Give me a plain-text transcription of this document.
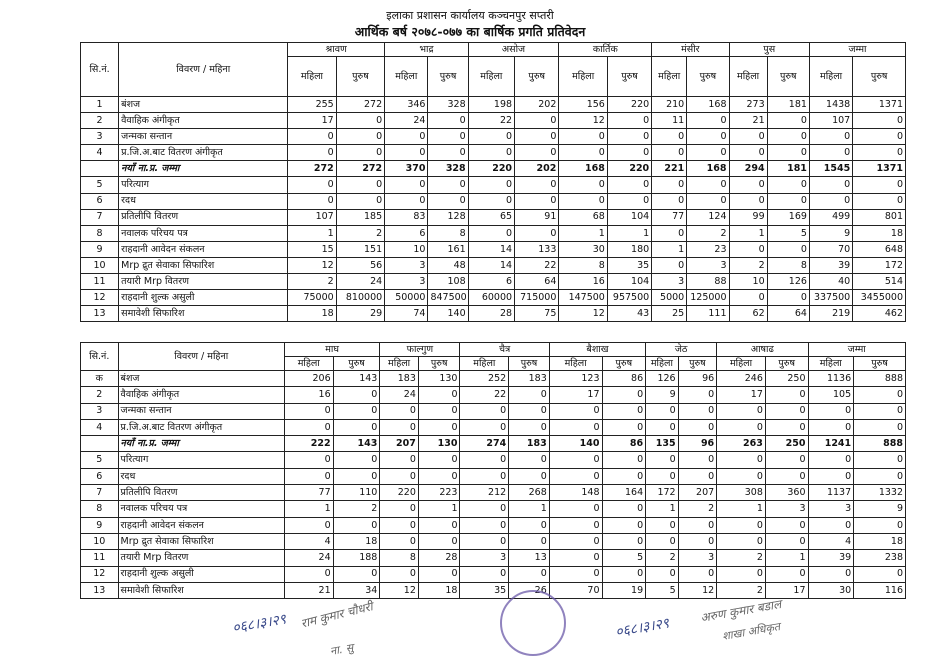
इलाका प्रशासन कार्यालय कञ्चनपुर सप्तरी
आर्थिक बर्ष २०७८-०७७ का बार्षिक प्रगति प्रतिवेदन
सि.नं.	विवरण / महिना	श्रावण		भाद्र		असोज		कार्तिक		मंसीर		पुस		जम्मा	
		महिला	पुरुष	महिला	पुरुष	महिला	पुरुष	महिला	पुरुष	महिला	पुरुष	महिला	पुरुष	महिला	पुरुष
1	बंशज	255	272	346	328	198	202	156	220	210	168	273	181	1438	1371
2	वैवाहिक अंगीकृत	17	0	24	0	22	0	12	0	11	0	21	0	107	0
3	जन्मका सन्तान	0	0	0	0	0	0	0	0	0	0	0	0	0	0
4	प्र.जि.अ.बाट वितरण अंगीकृत	0	0	0	0	0	0	0	0	0	0	0	0	0	0
	नयाँ ना.प्र. जम्मा	272	272	370	328	220	202	168	220	221	168	294	181	1545	1371
5	परित्याग	0	0	0	0	0	0	0	0	0	0	0	0	0	0
6	रदध	0	0	0	0	0	0	0	0	0	0	0	0	0	0
7	प्रतिलीपि वितरण	107	185	83	128	65	91	68	104	77	124	99	169	499	801
8	नवालक परिचय पत्र	1	2	6	8	0	0	1	1	0	2	1	5	9	18
9	राहदानी आवेदन संकलन	15	151	10	161	14	133	30	180	1	23	0	0	70	648
10	Mrp द्रुत सेवाका सिफारिश	12	56	3	48	14	22	8	35	0	3	2	8	39	172
11	तयारी Mrp वितरण	2	24	3	108	6	64	16	104	3	88	10	126	40	514
12	राहदानी शुल्क असुली	75000	810000	50000	847500	60000	715000	147500	957500	5000	125000	0	0	337500	3455000
13	समावेशी सिफारिश	18	29	74	140	28	75	12	43	25	111	62	64	219	462
सि.नं.	विवरण / महिना	माघ		फाल्गुण		चैत्र		बैशाख		जेठ		आषाढ		जम्मा	
		महिला	पुरुष	महिला	पुरुष	महिला	पुरुष	महिला	पुरुष	महिला	पुरुष	महिला	पुरुष	महिला	पुरुष
क	बंशज	206	143	183	130	252	183	123	86	126	96	246	250	1136	888
2	वैवाहिक अंगीकृत	16	0	24	0	22	0	17	0	9	0	17	0	105	0
3	जन्मका सन्तान	0	0	0	0	0	0	0	0	0	0	0	0	0	0
4	प्र.जि.अ.बाट वितरण अंगीकृत	0	0	0	0	0	0	0	0	0	0	0	0	0	0
	नयाँ ना.प्र. जम्मा	222	143	207	130	274	183	140	86	135	96	263	250	1241	888
5	परित्याग	0	0	0	0	0	0	0	0	0	0	0	0	0	0
6	रदध	0	0	0	0	0	0	0	0	0	0	0	0	0	0
7	प्रतिलीपि वितरण	77	110	220	223	212	268	148	164	172	207	308	360	1137	1332
8	नवालक परिचय पत्र	1	2	0	1	0	1	0	0	1	2	1	3	3	9
9	राहदानी आवेदन संकलन	0	0	0	0	0	0	0	0	0	0	0	0	0	0
10	Mrp द्रुत सेवाका सिफारिश	4	18	0	0	0	0	0	0	0	0	0	0	4	18
11	तयारी Mrp वितरण	24	188	8	28	3	13	0	5	2	3	2	1	39	238
12	राहदानी शुल्क असुली	0	0	0	0	0	0	0	0	0	0	0	0	0	0
13	समावेशी सिफारिश	21	34	12	18	35	26	70	19	5	12	2	17	30	116
०६८।३।२९ राम कुमार चौधरी
ना. सु
०६८।३।२९
अरुण कुमार बडाल
शाखा अधिकृत
